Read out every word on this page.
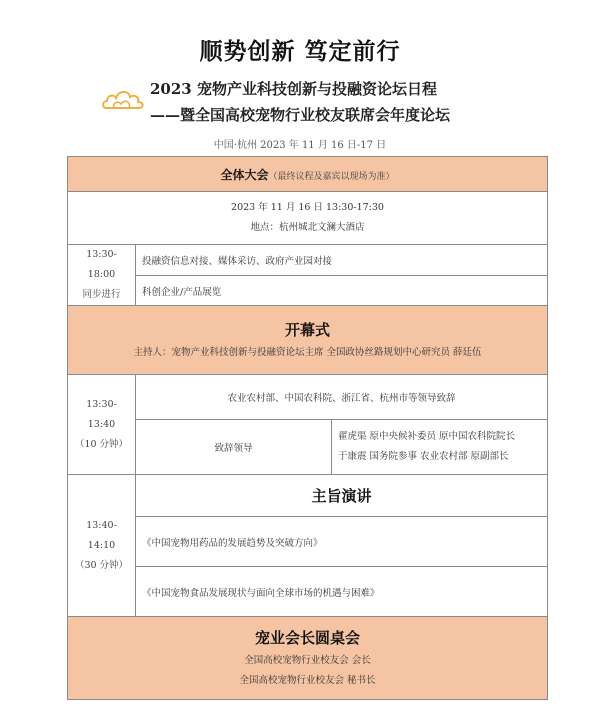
顺势创新 笃定前行
2023 宠物产业科技创新与投融资论坛日程
——暨全国高校宠物行业校友联席会年度论坛
中国·杭州 2023 年 11 月 16 日-17 日
全体大会（最终议程及嘉宾以现场为准）		

2023 年 11 月 16 日 13:30-17:30
地点：杭州城北文澜大酒店		

13:30-18:00
同步进行	投融资信息对接、媒体采访、政府产业园对接	
	科创企业/产品展览	

开幕式
主持人：宠物产业科技创新与投融资论坛主席 全国政协丝路规划中心研究员 薛廷伍		

13:30-13:40
（10 分钟）	农业农村部、中国农科院、浙江省、杭州市等领导致辞	
	致辞领导	翟虎渠 原中央候补委员 原中国农科院院长
于康震 国务院参事 农业农村部 原副部长

13:40-14:10
（30 分钟）	主旨演讲	
	《中国宠物用药品的发展趋势及突破方向》	
	《中国宠物食品发展现状与面向全球市场的机遇与困难》	

宠业会长圆桌会
全国高校宠物行业校友会 会长
全国高校宠物行业校友会 秘书长		
